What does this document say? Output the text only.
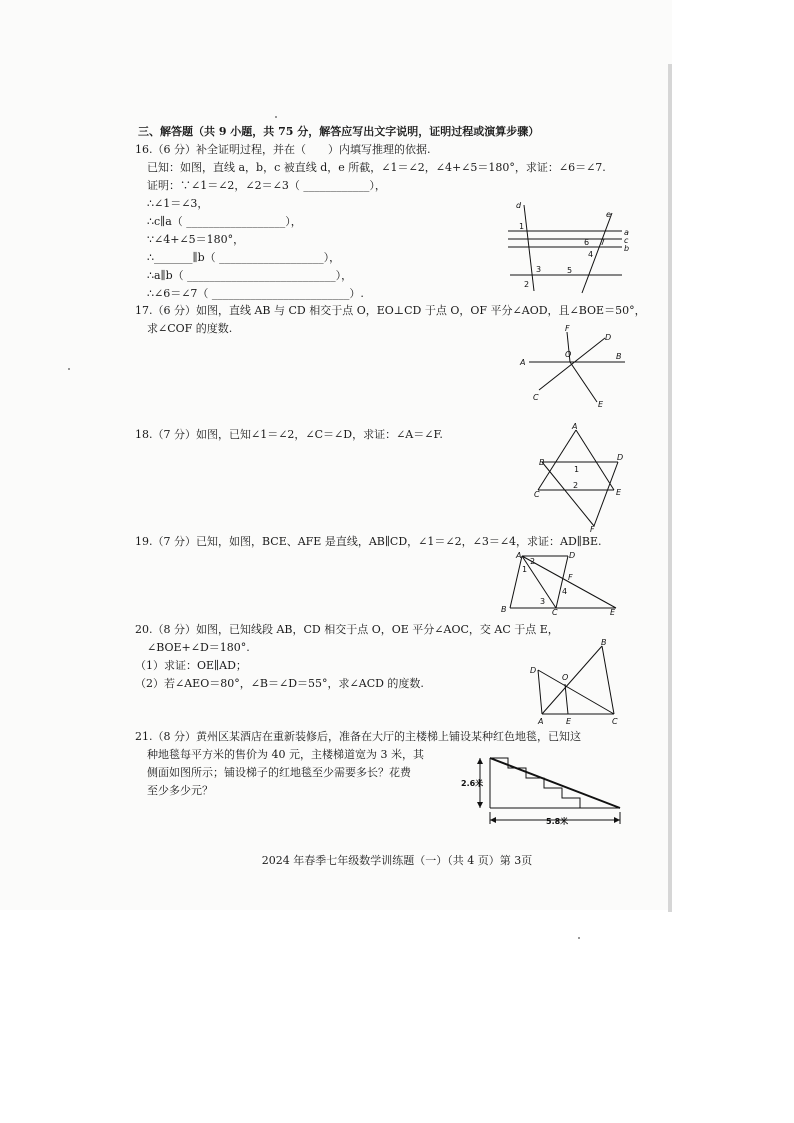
三、解答题（共 9 小题，共 75 分，解答应写出文字说明，证明过程或演算步骤）
16.（6 分）补全证明过程，并在（　　）内填写推理的依据.
已知：如图，直线 a，b，c 被直线 d，e 所截，∠1＝∠2，∠4+∠5＝180°，求证：∠6＝∠7.
证明：∵∠1＝∠2，∠2＝∠3（ ____________），
∴∠1＝∠3，
∴c∥a（ __________________），
∵∠4+∠5＝180°，
∴_______∥b（ ___________________），
∴a∥b（ ___________________________），
∴∠6＝∠7（ _________________________）.
d
e
a
b
c
1
2
3
4
5
6 7
17.（6 分）如图，直线 AB 与 CD 相交于点 O，EO⊥CD 于点 O，OF 平分∠AOD，且∠BOE＝50°，
求∠COF 的度数.	F
D
O
A
B
C
E
18.（7 分）如图，已知∠1＝∠2，∠C＝∠D，求证：∠A＝∠F.
A
B
D
1
2
C	E
F
19.（7 分）已知，如图，BCE、AFE 是直线，AB∥CD，∠1＝∠2，∠3＝∠4，求证：AD∥BE.
A	D
1
2
F
4
3
B	C	E
20.（8 分）如图，已知线段 AB，CD 相交于点 O，OE 平分∠AOC，交 AC 于点 E，
∠BOE+∠D＝180°.
（1）求证：OE∥AD；
（2）若∠AEO＝80°，∠B＝∠D＝55°，求∠ACD 的度数.
B
D
O
A	E	C
21.（8 分）黄州区某酒店在重新装修后，准备在大厅的主楼梯上铺设某种红色地毯，已知这
种地毯每平方米的售价为 40 元，主楼梯道宽为 3 米，其
侧面如图所示；铺设梯子的红地毯至少需要多长？花费
至少多少元？
2.6米
5.8米
2024 年春季七年级数学训练题（一）（共 4 页）第 3页
